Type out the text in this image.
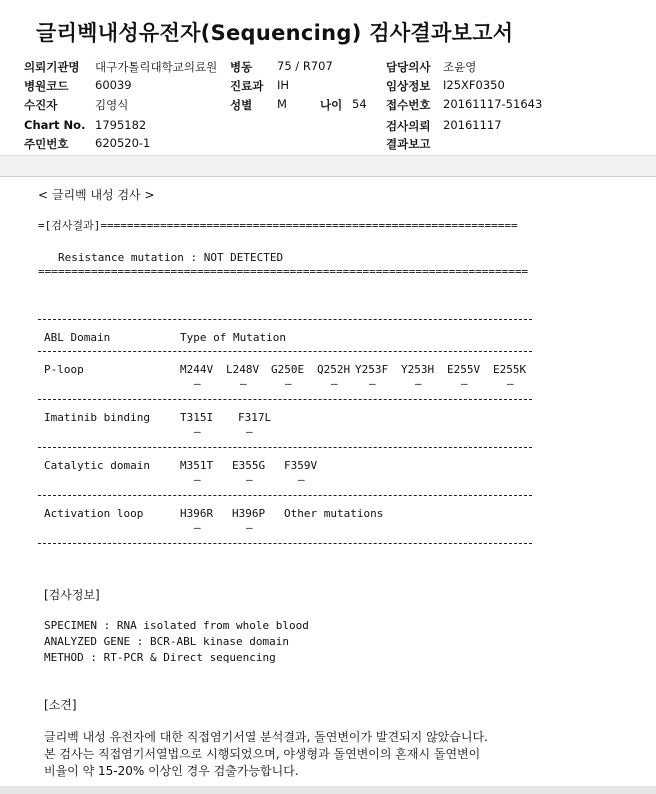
글리벡내성유전자(Sequencing) 검사결과보고서
의뢰기관명 대구가톨릭대학교의료원 병동 75 / R707	담당의사 조윤영
병원코드 60039	진료과 IH	임상정보 I25XF0350
수진자	김영식	성별 M	나이 54 접수번호 20161117-51643
Chart No. 1795182	검사의뢰 20161117
주민번호 620520-1	결과보고
< 글리벡 내성 검사 >
=[검사결과]===============================================================
Resistance mutation : NOT DETECTED
==========================================================================
ABL Domain	Type of Mutation
P-loop	M244V L248V G250E Q252H Y253F Y253H E255V E255K
–	–	–	–	–	–	–	–
Imatinib binding	T315I F317L
–	–
Catalytic domain	M351T E355G F359V
–	–	–
Activation loop	H396R H396P Other mutations
–	–
[검사정보]
SPECIMEN : RNA isolated from whole blood
ANALYZED GENE : BCR-ABL kinase domain
METHOD : RT-PCR & Direct sequencing
[소견]
글리벡 내성 유전자에 대한 직접염기서열 분석결과, 돌연변이가 발견되지 않았습니다.
본 검사는 직접염기서열법으로 시행되었으며, 야생형과 돌연변이의 혼재시 돌연변이
비율이 약 15-20% 이상인 경우 검출가능합니다.
